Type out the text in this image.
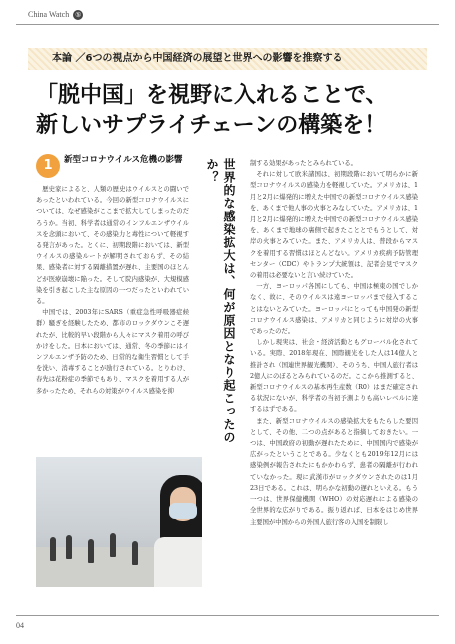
China Watch ⑤
本論 ／6つの視点から中国経済の展望と世界への影響を推察する
「脱中国」を視野に入れることで、
新しいサプライチェーンの構築を！
1	新型コロナウイルス危機の影響

歴史家によると、人類の歴史はウイルスとの闘いであったといわれている。今回の新型コロナウイルスについては、なぜ感染がここまで拡大してしまったのだろうか。当初、科学者は通常のインフルエンザウイルスを念頭において、その感染力と毒性について軽視する発言があった。とくに、初期段階においては、新型ウイルスの感染ルートが解明されておらず、その結果、感染者に対する隔離措置が遅れ、主要国のほとんどが医療崩壊に陥った。そして院内感染が、大規模感染を引き起こした主な原因の一つだったといわれている。

中国では、2003年にSARS（重症急性呼吸器症候群）騒ぎを経験したため、都市のロックダウンこそ遅れたが、比較的早い段階から人々にマスク着用の呼びかけをした。日本においては、通常、冬の季節にはインフルエンザ予防のため、日常的な衛生習慣として手を洗い、消毒することが励行されている。とりわけ、春先は花粉症の季節でもあり、マスクを着用する人が多かったため、それらの対策がウイルス感染を抑	世界的な感染拡大は、何が原因となり起こったのか？	制する効果があったとみられている。

それに対して欧米諸国は、初期段階において明らかに新型コロナウイルスの感染力を軽視していた。アメリカは、1月と2月に爆発的に増えた中国での新型コロナウイルス感染を、あくまで他人事の火事とみなしていた。アメリカは、1月と2月に爆発的に増えた中国での新型コロナウイルス感染を、あくまで地球の裏側で起きたこととでもうとして、対岸の火事とみていた。また、アメリカ人は、普段からマスクを着用する習慣はほとんどない。アメリカ疾病予防管理センター（CDC）やトランプ大統領は、記者会見でマスクの着用は必要ないと言い続けていた。

一方、ヨーロッパ各国にしても、中国は極東の国でしかなく、故に、そのウイルスは遠ヨーロッパまで侵入することはないとみていた。ヨーロッパにとっても中国発の新型コロナウイルス感染は、アメリカと同じように対岸の火事であったのだ。

しかし現実は、社会・経済活動ともグローバル化されている。実際、2018年現在、国際観光をした人は14億人と推計され（国連世界観光機関）、そのうち、中国人旅行者は2億人にのぼるとみられているのだ。ここから推測すると、新型コロナウイルスの基本再生産数（R0）はまだ確定される状況にないが、科学者の当初予測よりも高いレベルに達するはずである。

また、新型コロナウイルスの感染拡大をもたらした要因として、その他、二つの点があると指摘しておきたい。一つは、中国政府の初動が遅れたために、中国国内で感染が広がったということである。少なくとも2019年12月には感染例が報告されたにもかかわらず、患者の隔離が行われていなかった。現に武漢市がロックダウンされたのは1月23日である。これは、明らかな初動の遅れといえる。もう一つは、世界保健機関（WHO）の対応遅れによる感染の全世界的な広がりである。振り返れば、日本をはじめ世界主要国が中国からの外国人旅行客の入国を制限し

04
